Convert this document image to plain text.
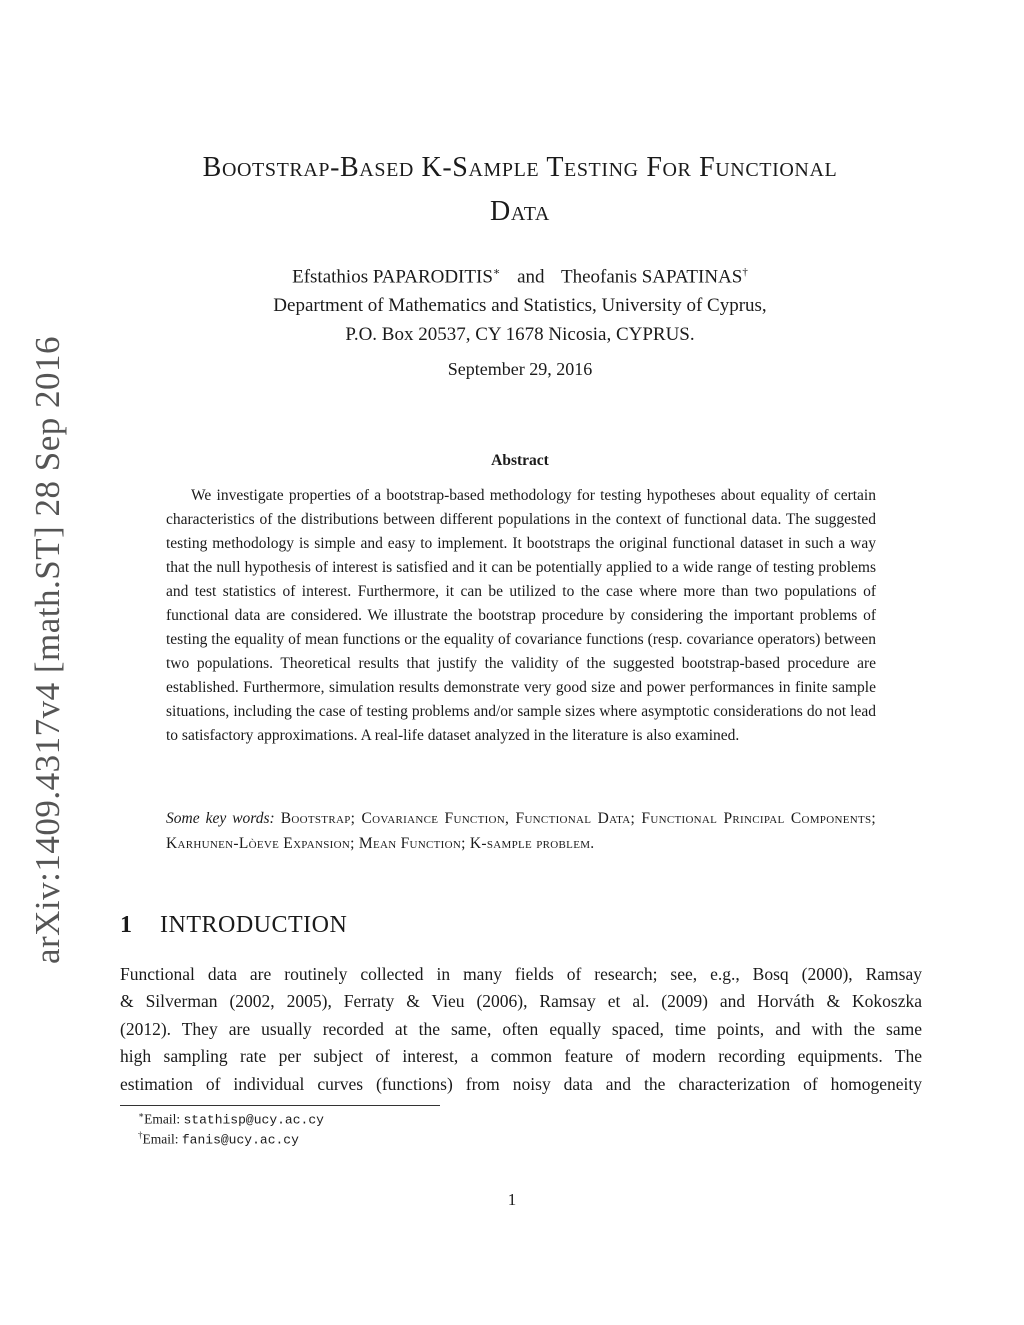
arXiv:1409.4317v4 [math.ST] 28 Sep 2016
Bootstrap-Based K-Sample Testing For Functional
Data
Efstathios PAPARODITIS∗ and Theofanis SAPATINAS†
Department of Mathematics and Statistics, University of Cyprus,
P.O. Box 20537, CY 1678 Nicosia, CYPRUS.
September 29, 2016
Abstract

We investigate properties of a bootstrap-based methodology for testing hypotheses about equality of certain characteristics of the distributions between different populations in the context of functional data. The suggested testing methodology is simple and easy to implement. It bootstraps the original functional dataset in such a way that the null hypothesis of interest is satisfied and it can be potentially applied to a wide range of testing problems and test statistics of interest. Furthermore, it can be utilized to the case where more than two populations of functional data are considered. We illustrate the bootstrap procedure by considering the important problems of testing the equality of mean functions or the equality of covariance functions (resp. covariance operators) between two populations. Theoretical results that justify the validity of the suggested bootstrap-based procedure are established. Furthermore, simulation results demonstrate very good size and power performances in finite sample situations, including the case of testing problems and/or sample sizes where asymptotic considerations do not lead to satisfactory approximations. A real-life dataset analyzed in the literature is also examined.

Some key words: Bootstrap; Covariance Function, Functional Data; Functional Principal Components; Karhunen-Lòeve Expansion; Mean Function; K-sample problem.

1 INTRODUCTION

Functional data are routinely collected in many fields of research; see, e.g., Bosq (2000), Ramsay
& Silverman (2002, 2005), Ferraty & Vieu (2006), Ramsay et al. (2009) and Horváth & Kokoszka
(2012). They are usually recorded at the same, often equally spaced, time points, and with the same
high sampling rate per subject of interest, a common feature of modern recording equipments. The
estimation of individual curves (functions) from noisy data and the characterization of homogeneity

∗Email: stathisp@ucy.ac.cy
†Email: fanis@ucy.ac.cy
1
